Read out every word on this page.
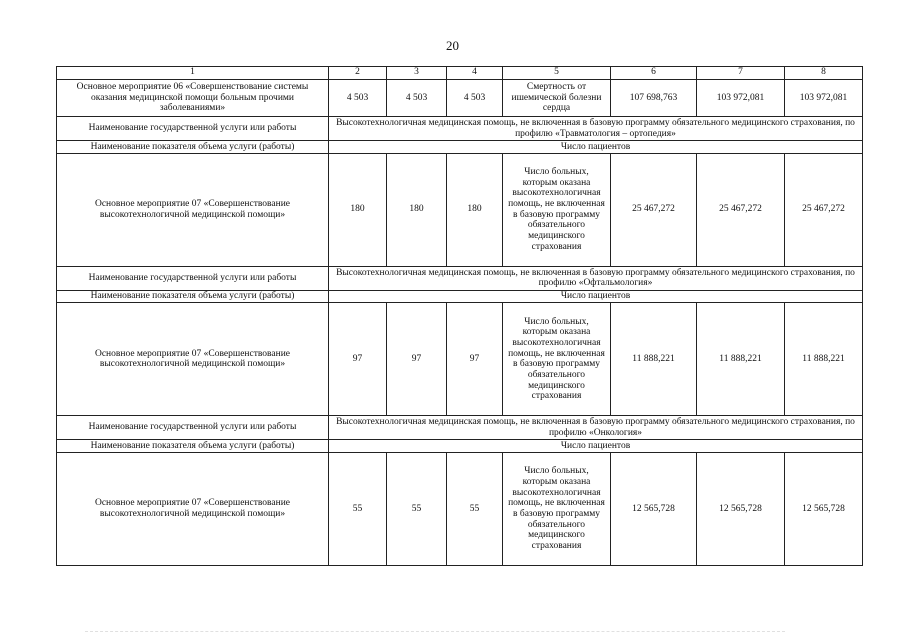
20
1	2	3	4	5	6	7	8
Основное мероприятие 06 «Совершенствование системы оказания медицинской помощи больным прочими заболеваниями»	4 503	4 503	4 503	Смертность от ишемической болезни сердца	107 698,763	103 972,081	103 972,081
Наименование государственной услуги или работы	Высокотехнологичная медицинская помощь, не включенная в базовую программу обязательного медицинского страхования, по профилю «Травматология – ортопедия»						
Наименование показателя объема услуги (работы)	Число пациентов						
Основное мероприятие 07 «Совершенствование высокотехнологичной медицинской помощи»	180	180	180	Число больных, которым оказана высокотехнологичная помощь, не включенная в базовую программу обязательного медицинского страхования	25 467,272	25 467,272	25 467,272
Наименование государственной услуги или работы	Высокотехнологичная медицинская помощь, не включенная в базовую программу обязательного медицинского страхования, по профилю «Офтальмология»						
Наименование показателя объема услуги (работы)	Число пациентов						
Основное мероприятие 07 «Совершенствование высокотехнологичной медицинской помощи»	97	97	97	Число больных, которым оказана высокотехнологичная помощь, не включенная в базовую программу обязательного медицинского страхования	11 888,221	11 888,221	11 888,221
Наименование государственной услуги или работы	Высокотехнологичная медицинская помощь, не включенная в базовую программу обязательного медицинского страхования, по профилю «Онкология»						
Наименование показателя объема услуги (работы)	Число пациентов						
Основное мероприятие 07 «Совершенствование высокотехнологичной медицинской помощи»	55	55	55	Число больных, которым оказана высокотехнологичная помощь, не включенная в базовую программу обязательного медицинского страхования	12 565,728	12 565,728	12 565,728
